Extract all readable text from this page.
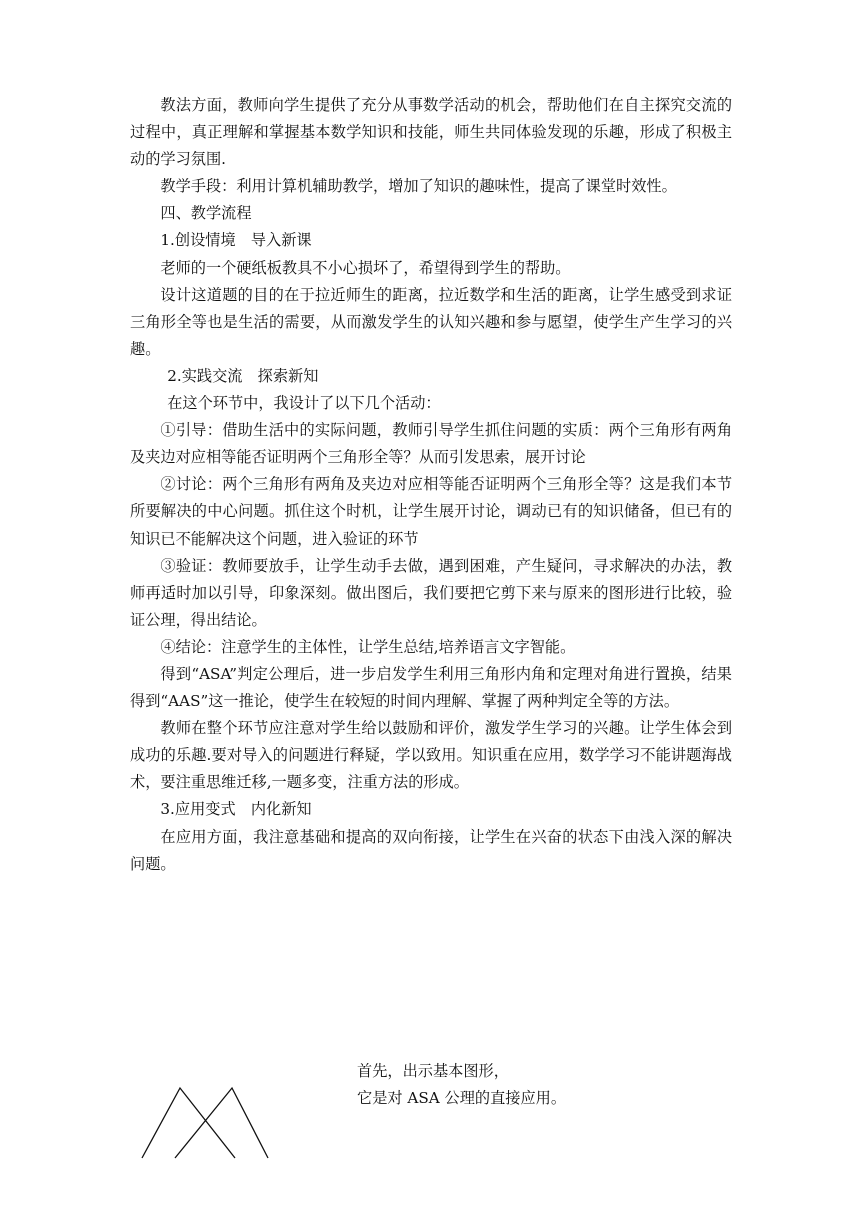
教法方面，教师向学生提供了充分从事数学活动的机会，帮助他们在自主探究交流的过程中，真正理解和掌握基本数学知识和技能，师生共同体验发现的乐趣，形成了积极主动的学习氛围.

教学手段：利用计算机辅助教学，增加了知识的趣味性，提高了课堂时效性。

四、教学流程

1.创设情境　导入新课

老师的一个硬纸板教具不小心损坏了，希望得到学生的帮助。

设计这道题的目的在于拉近师生的距离，拉近数学和生活的距离，让学生感受到求证三角形全等也是生活的需要，从而激发学生的认知兴趣和参与愿望，使学生产生学习的兴趣。

2.实践交流　探索新知

在这个环节中，我设计了以下几个活动：

①引导：借助生活中的实际问题，教师引导学生抓住问题的实质：两个三角形有两角及夹边对应相等能否证明两个三角形全等？从而引发思索，展开讨论

②讨论：两个三角形有两角及夹边对应相等能否证明两个三角形全等？这是我们本节所要解决的中心问题。抓住这个时机，让学生展开讨论，调动已有的知识储备，但已有的知识已不能解决这个问题，进入验证的环节

③验证：教师要放手，让学生动手去做，遇到困难，产生疑问，寻求解决的办法，教师再适时加以引导，印象深刻。做出图后，我们要把它剪下来与原来的图形进行比较，验证公理，得出结论。

④结论：注意学生的主体性，让学生总结,培养语言文字智能。

得到“ASA”判定公理后，进一步启发学生利用三角形内角和定理对角进行置换，结果得到“AAS”这一推论，使学生在较短的时间内理解、掌握了两种判定全等的方法。

教师在整个环节应注意对学生给以鼓励和评价，激发学生学习的兴趣。让学生体会到成功的乐趣.要对导入的问题进行释疑，学以致用。知识重在应用，数学学习不能讲题海战术，要注重思维迁移,一题多变，注重方法的形成。

3.应用变式　内化新知

在应用方面，我注意基础和提高的双向衔接，让学生在兴奋的状态下由浅入深的解决问题。

首先，出示基本图形，

它是对 ASA 公理的直接应用。
